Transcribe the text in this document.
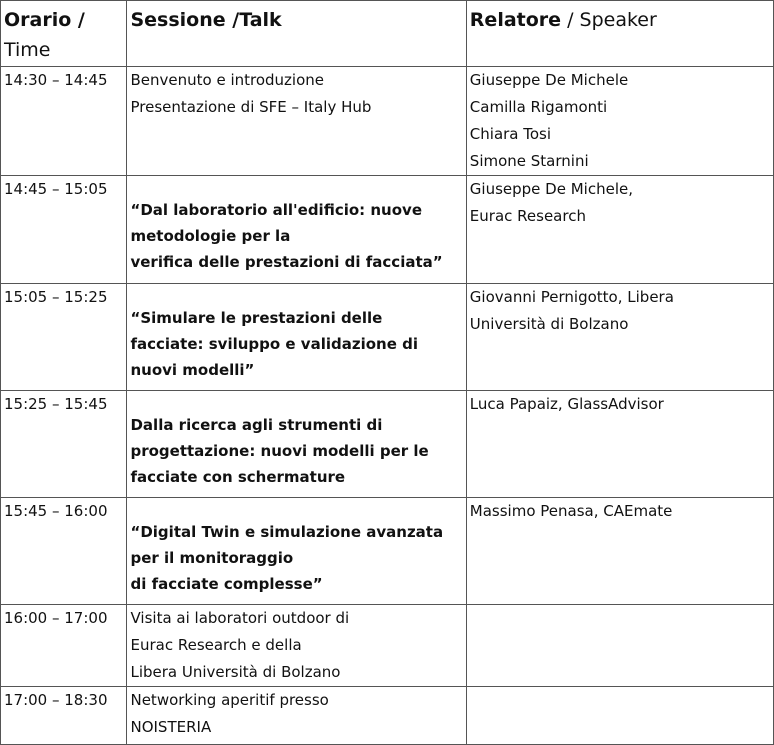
Orario /
Time	Sessione /Talk	Relatore / Speaker
14:30 – 14:45	Benvenuto e introduzione
Presentazione di SFE – Italy Hub	Giuseppe De Michele
Camilla Rigamonti
Chiara Tosi
Simone Starnini

14:45 – 15:05	“Dal laboratorio all'edificio: nuove
metodologie per la
verifica delle prestazioni di facciata”	Giuseppe De Michele,
Eurac Research

15:05 – 15:25	“Simulare le prestazioni delle
facciate: sviluppo e validazione di
nuovi modelli”	Giovanni Pernigotto, Libera
Università di Bolzano

15:25 – 15:45	Dalla ricerca agli strumenti di
progettazione: nuovi modelli per le
facciate con schermature	Luca Papaiz, GlassAdvisor

15:45 – 16:00	“Digital Twin e simulazione avanzata
per il monitoraggio
di facciate complesse”	Massimo Penasa, CAEmate

16:00 – 17:00	Visita ai laboratori outdoor di
Eurac Research e della
Libera Università di Bolzano	

17:00 – 18:30	Networking aperitif presso
NOISTERIA	
